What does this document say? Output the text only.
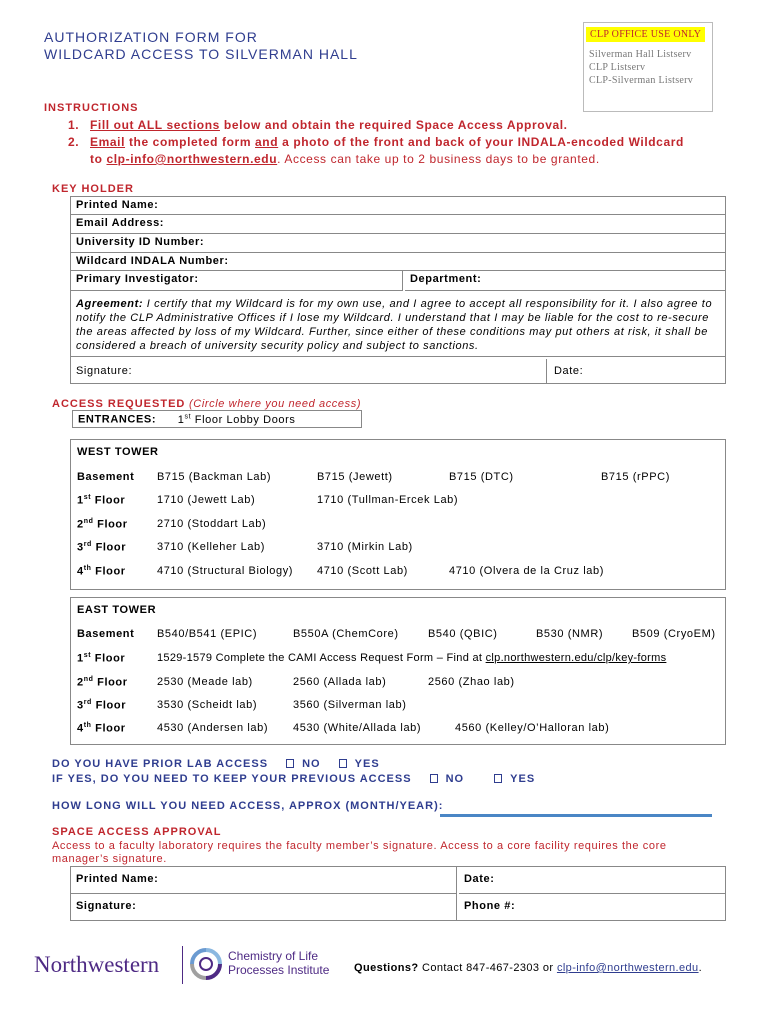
AUTHORIZATION FORM FOR
WILDCARD ACCESS TO SILVERMAN HALL
CLP OFFICE USE ONLY
Silverman Hall Listserv
CLP Listserv
CLP-Silverman Listserv
INSTRUCTIONS
1. Fill out ALL sections below and obtain the required Space Access Approval.
2. Email the completed form and a photo of the front and back of your INDALA-encoded Wildcard
to clp-info@northwestern.edu. Access can take up to 2 business days to be granted.
KEY HOLDER
Printed Name:
Email Address:
University ID Number:
Wildcard INDALA Number:
Primary Investigator:	Department:
Agreement: I certify that my Wildcard is for my own use, and I agree to accept all responsibility for it. I also agree to notify the CLP Administrative Offices if I lose my Wildcard. I understand that I may be liable for the cost to re-secure the areas affected by loss of my Wildcard. Further, since either of these conditions may put others at risk, it shall be considered a breach of university security policy and subject to sanctions.
Signature:	Date:
ACCESS REQUESTED (Circle where you need access)
ENTRANCES: 1st Floor Lobby Doors
WEST TOWER
Basement B715 (Backman Lab)	B715 (Jewett)	B715 (DTC)	B715 (rPPC)
1st Floor	1710 (Jewett Lab)	1710 (Tullman-Ercek Lab)
2nd Floor	2710 (Stoddart Lab)
3rd Floor	3710 (Kelleher Lab)	3710 (Mirkin Lab)
4th Floor	4710 (Structural Biology) 4710 (Scott Lab)	4710 (Olvera de la Cruz lab)
EAST TOWER
Basement B540/B541 (EPIC)	B550A (ChemCore)	B540 (QBIC)	B530 (NMR)	B509 (CryoEM)
1st Floor	1529-1579 Complete the CAMI Access Request Form – Find at clp.northwestern.edu/clp/key-forms
2nd Floor	2530 (Meade lab)	2560 (Allada lab)	2560 (Zhao lab)
3rd Floor	3530 (Scheidt lab)	3560 (Silverman lab)
4th Floor	4530 (Andersen lab) 4530 (White/Allada lab)	4560 (Kelley/O’Halloran lab)
DO YOU HAVE PRIOR LAB ACCESS	NO	YES
IF YES, DO YOU NEED TO KEEP YOUR PREVIOUS ACCESS	NO	YES
HOW LONG WILL YOU NEED ACCESS, APPROX (MONTH/YEAR):
SPACE ACCESS APPROVAL
Access to a faculty laboratory requires the faculty member’s signature. Access to a core facility requires the core manager’s signature.
Printed Name:	Date:
Signature:	Phone #:
Northwestern	Chemistry of Life
Processes Institute Questions? Contact 847-467-2303 or clp-info@northwestern.edu.
